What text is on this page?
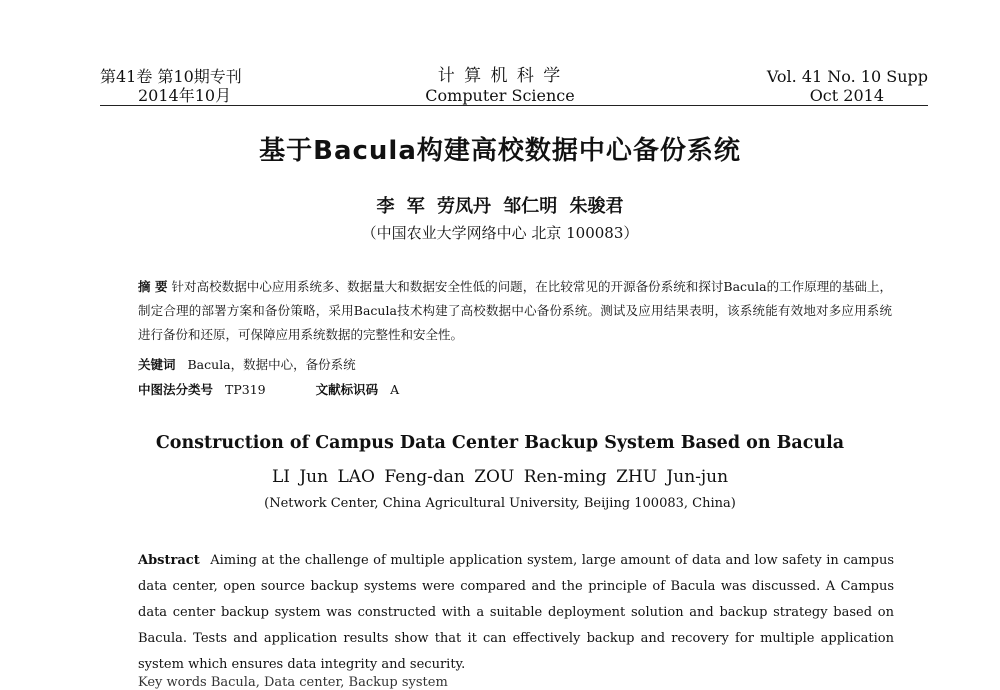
第41卷 第10期专刊
2014年10月
计 算 机 科 学
Computer Science
Vol. 41 No. 10 Supp
Oct 2014
基于Bacula构建高校数据中心备份系统
李 军 劳凤丹 邹仁明 朱骏君
（中国农业大学网络中心 北京 100083）
摘 要 针对高校数据中心应用系统多、数据量大和数据安全性低的问题，在比较常见的开源备份系统和探讨Bacula的工作原理的基础上，制定合理的部署方案和备份策略，采用Bacula技术构建了高校数据中心备份系统。测试及应用结果表明，该系统能有效地对多应用系统进行备份和还原，可保障应用系统数据的完整性和安全性。
关键词 Bacula，数据中心，备份系统
中图法分类号 TP319	文献标识码 A
Construction of Campus Data Center Backup System Based on Bacula
LI Jun LAO Feng-dan ZOU Ren-ming ZHU Jun-jun
(Network Center, China Agricultural University, Beijing 100083, China)
Abstract Aiming at the challenge of multiple application system, large amount of data and low safety in campus data center, open source backup systems were compared and the principle of Bacula was discussed. A Campus data center backup system was constructed with a suitable deployment solution and backup strategy based on Bacula. Tests and application results show that it can effectively backup and recovery for multiple application system which ensures data integrity and security.
Key words Bacula, Data center, Backup system
